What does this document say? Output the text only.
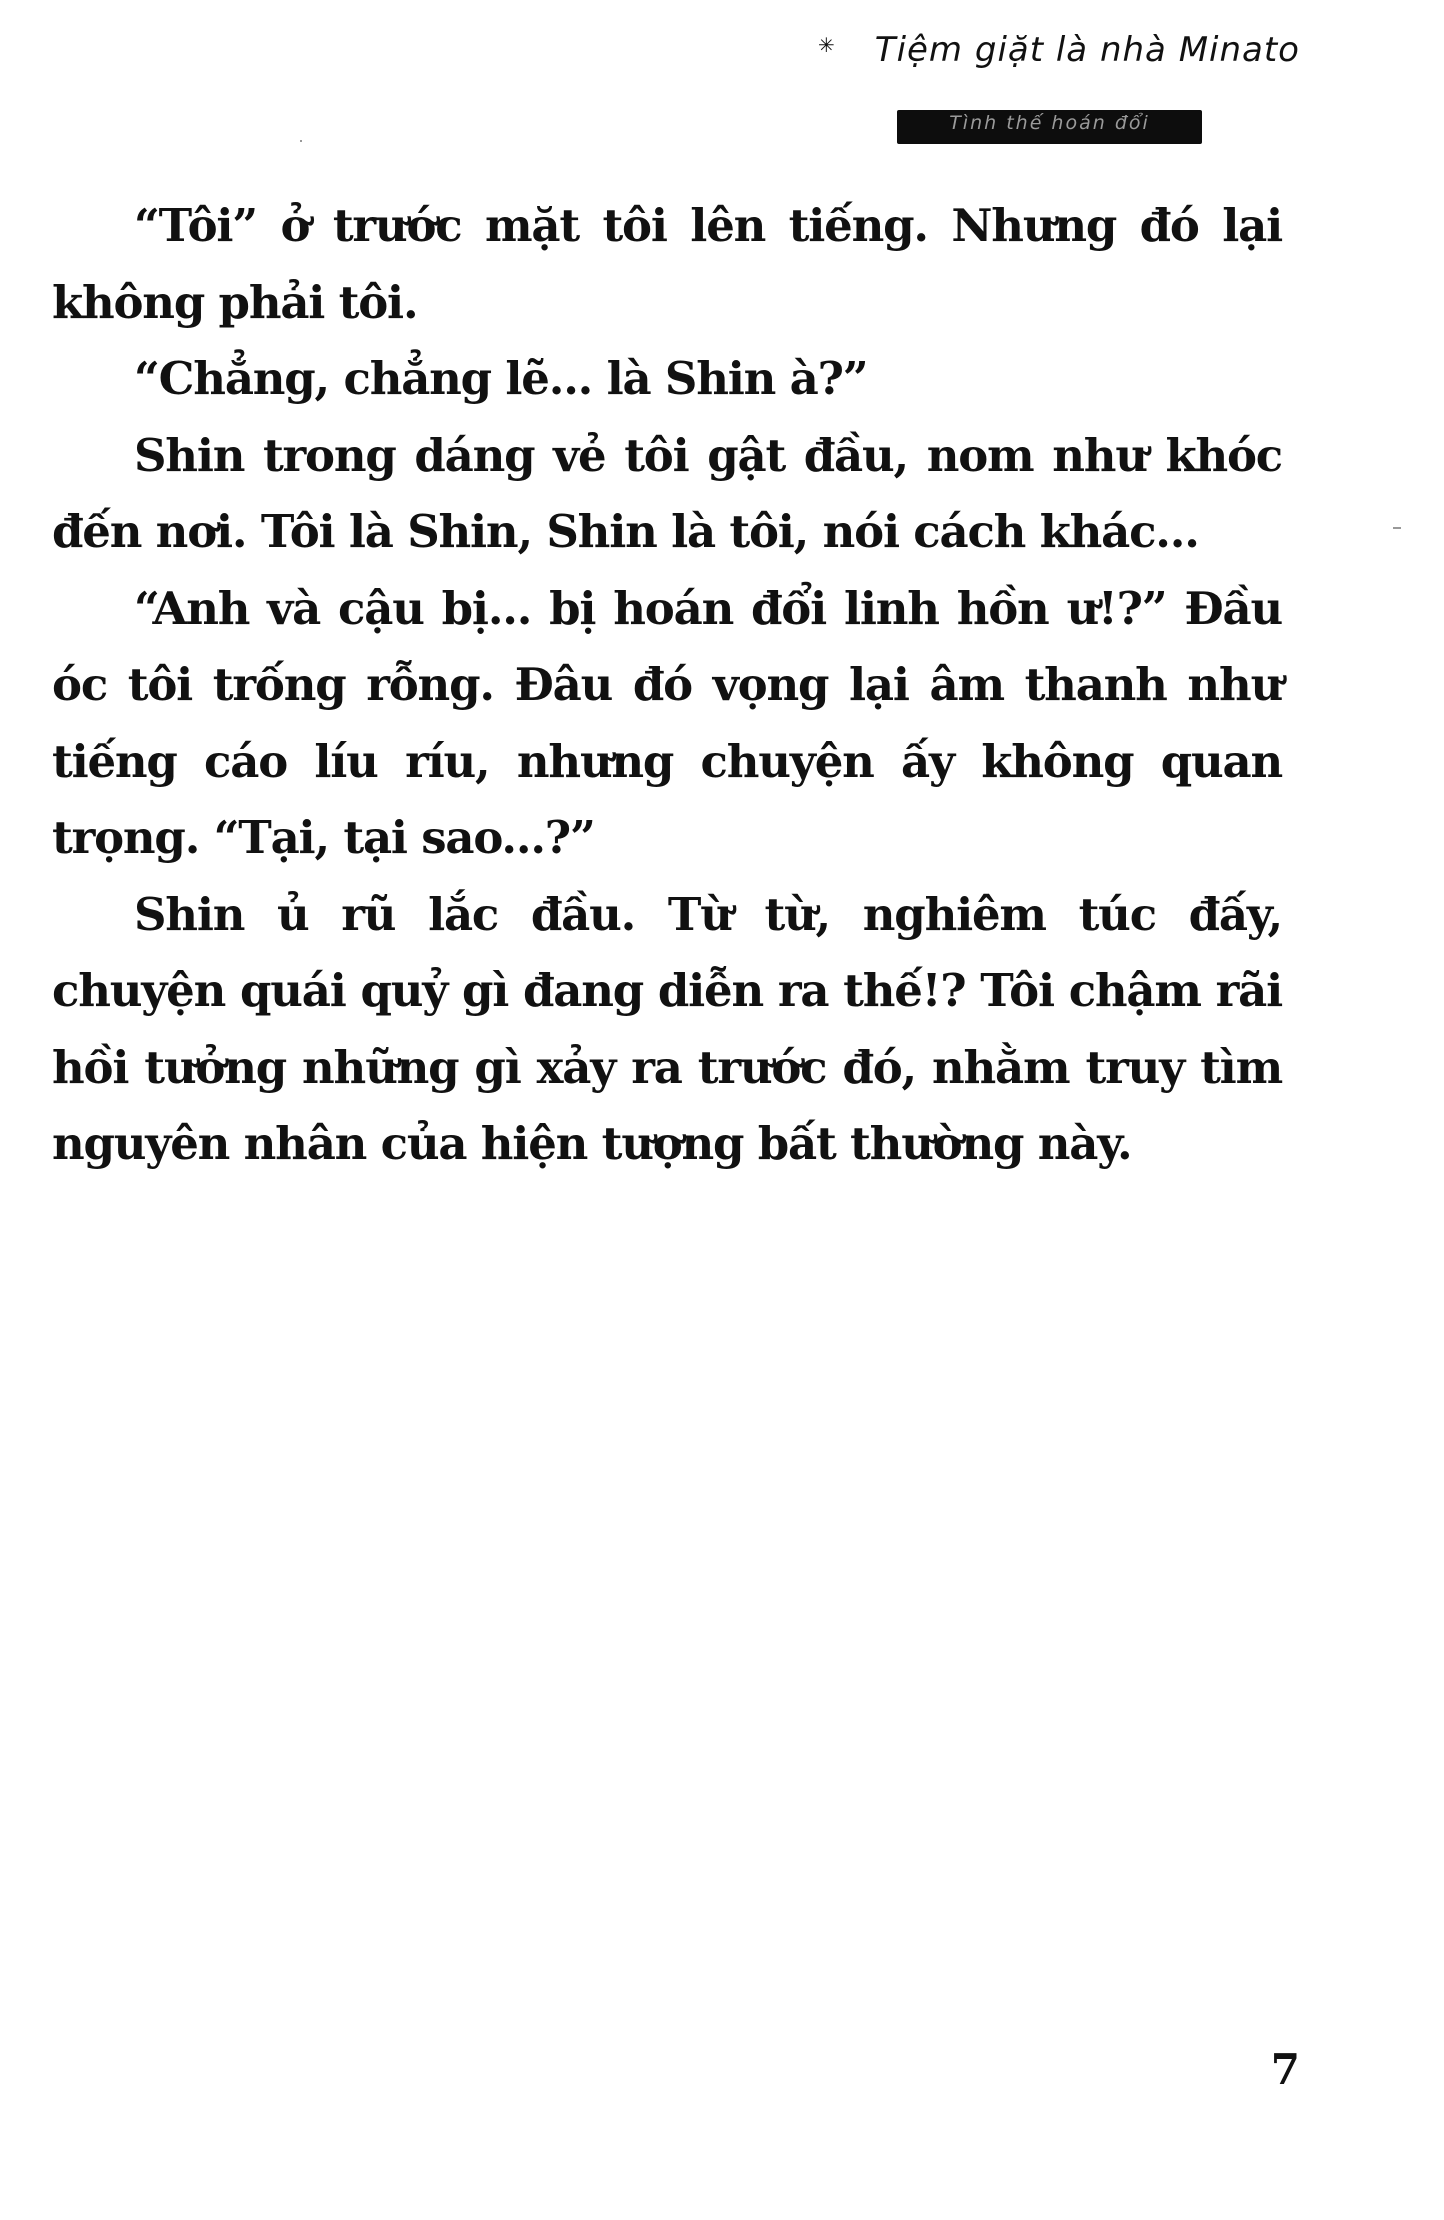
✳	Tiệm giặt là nhà Minato
Tình thế hoán đổi

“Tôi” ở trước mặt tôi lên tiếng. Nhưng đó lại không phải tôi.

“Chẳng, chẳng lẽ... là Shin à?”

Shin trong dáng vẻ tôi gật đầu, nom như khóc đến nơi. Tôi là Shin, Shin là tôi, nói cách khác...

“Anh và cậu bị... bị hoán đổi linh hồn ư!?” Đầu óc tôi trống rỗng. Đâu đó vọng lại âm thanh như tiếng cáo líu ríu, nhưng chuyện ấy không quan trọng. “Tại, tại sao...?”

Shin ủ rũ lắc đầu. Từ từ, nghiêm túc đấy, chuyện quái quỷ gì đang diễn ra thế!? Tôi chậm rãi hồi tưởng những gì xảy ra trước đó, nhằm truy tìm nguyên nhân của hiện tượng bất thường này.

7
